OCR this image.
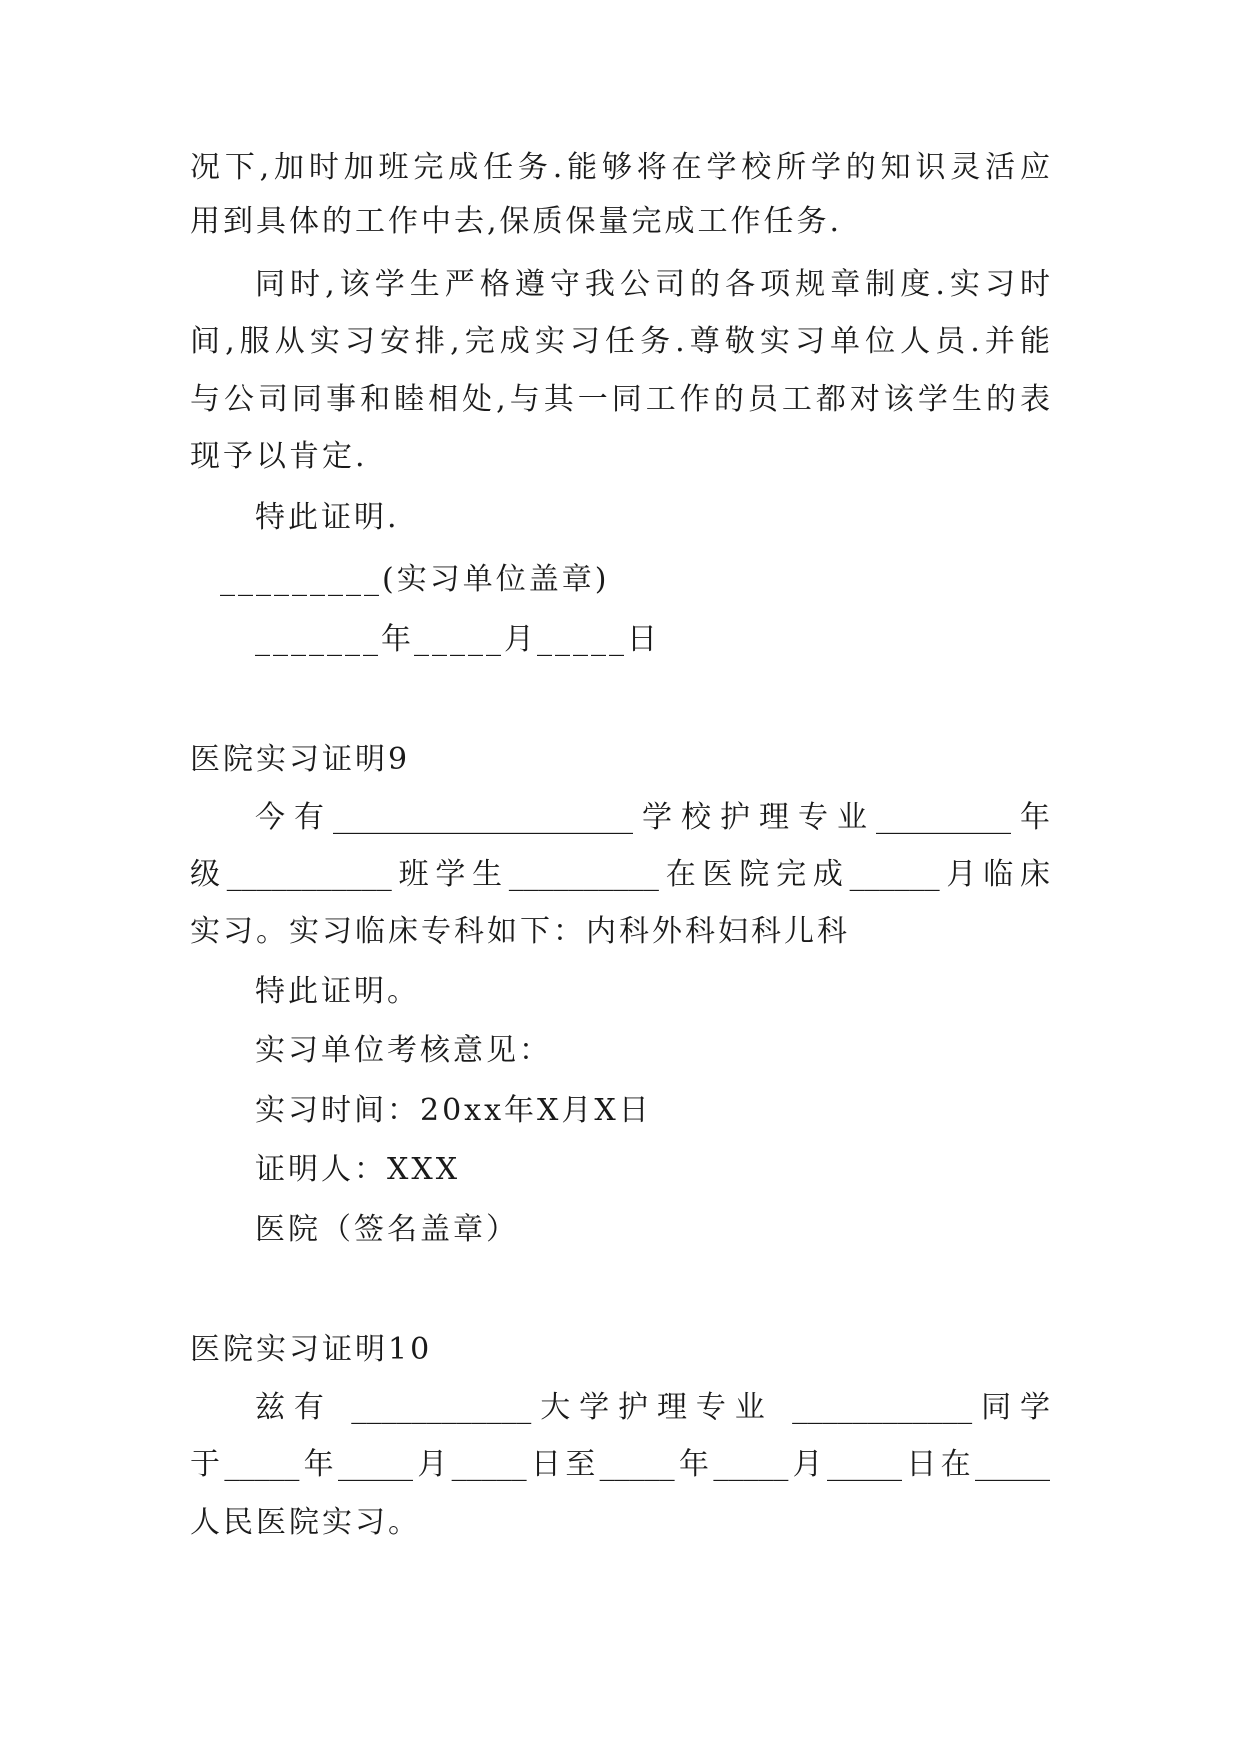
况下,加时加班完成任务.能够将在学校所学的知识灵活应
用到具体的工作中去,保质保量完成工作任务.
同时,该学生严格遵守我公司的各项规章制度.实习时
间,服从实习安排,完成实习任务.尊敬实习单位人员.并能
与公司同事和睦相处,与其一同工作的员工都对该学生的表
现予以肯定.
特此证明.
_________(实习单位盖章)
_______年_____月_____日
医院实习证明9
今有____________________学校护理专业_________年
级___________班学生__________在医院完成______月临床
实习。实习临床专科如下：内科外科妇科儿科
特此证明。
实习单位考核意见：
实习时间：20xx年X月X日
证明人：XXX
医院（签名盖章）
医院实习证明10
兹有 ____________大学护理专业 ____________同学
于_____年_____月_____日至_____年_____月_____日在_____
人民医院实习。
